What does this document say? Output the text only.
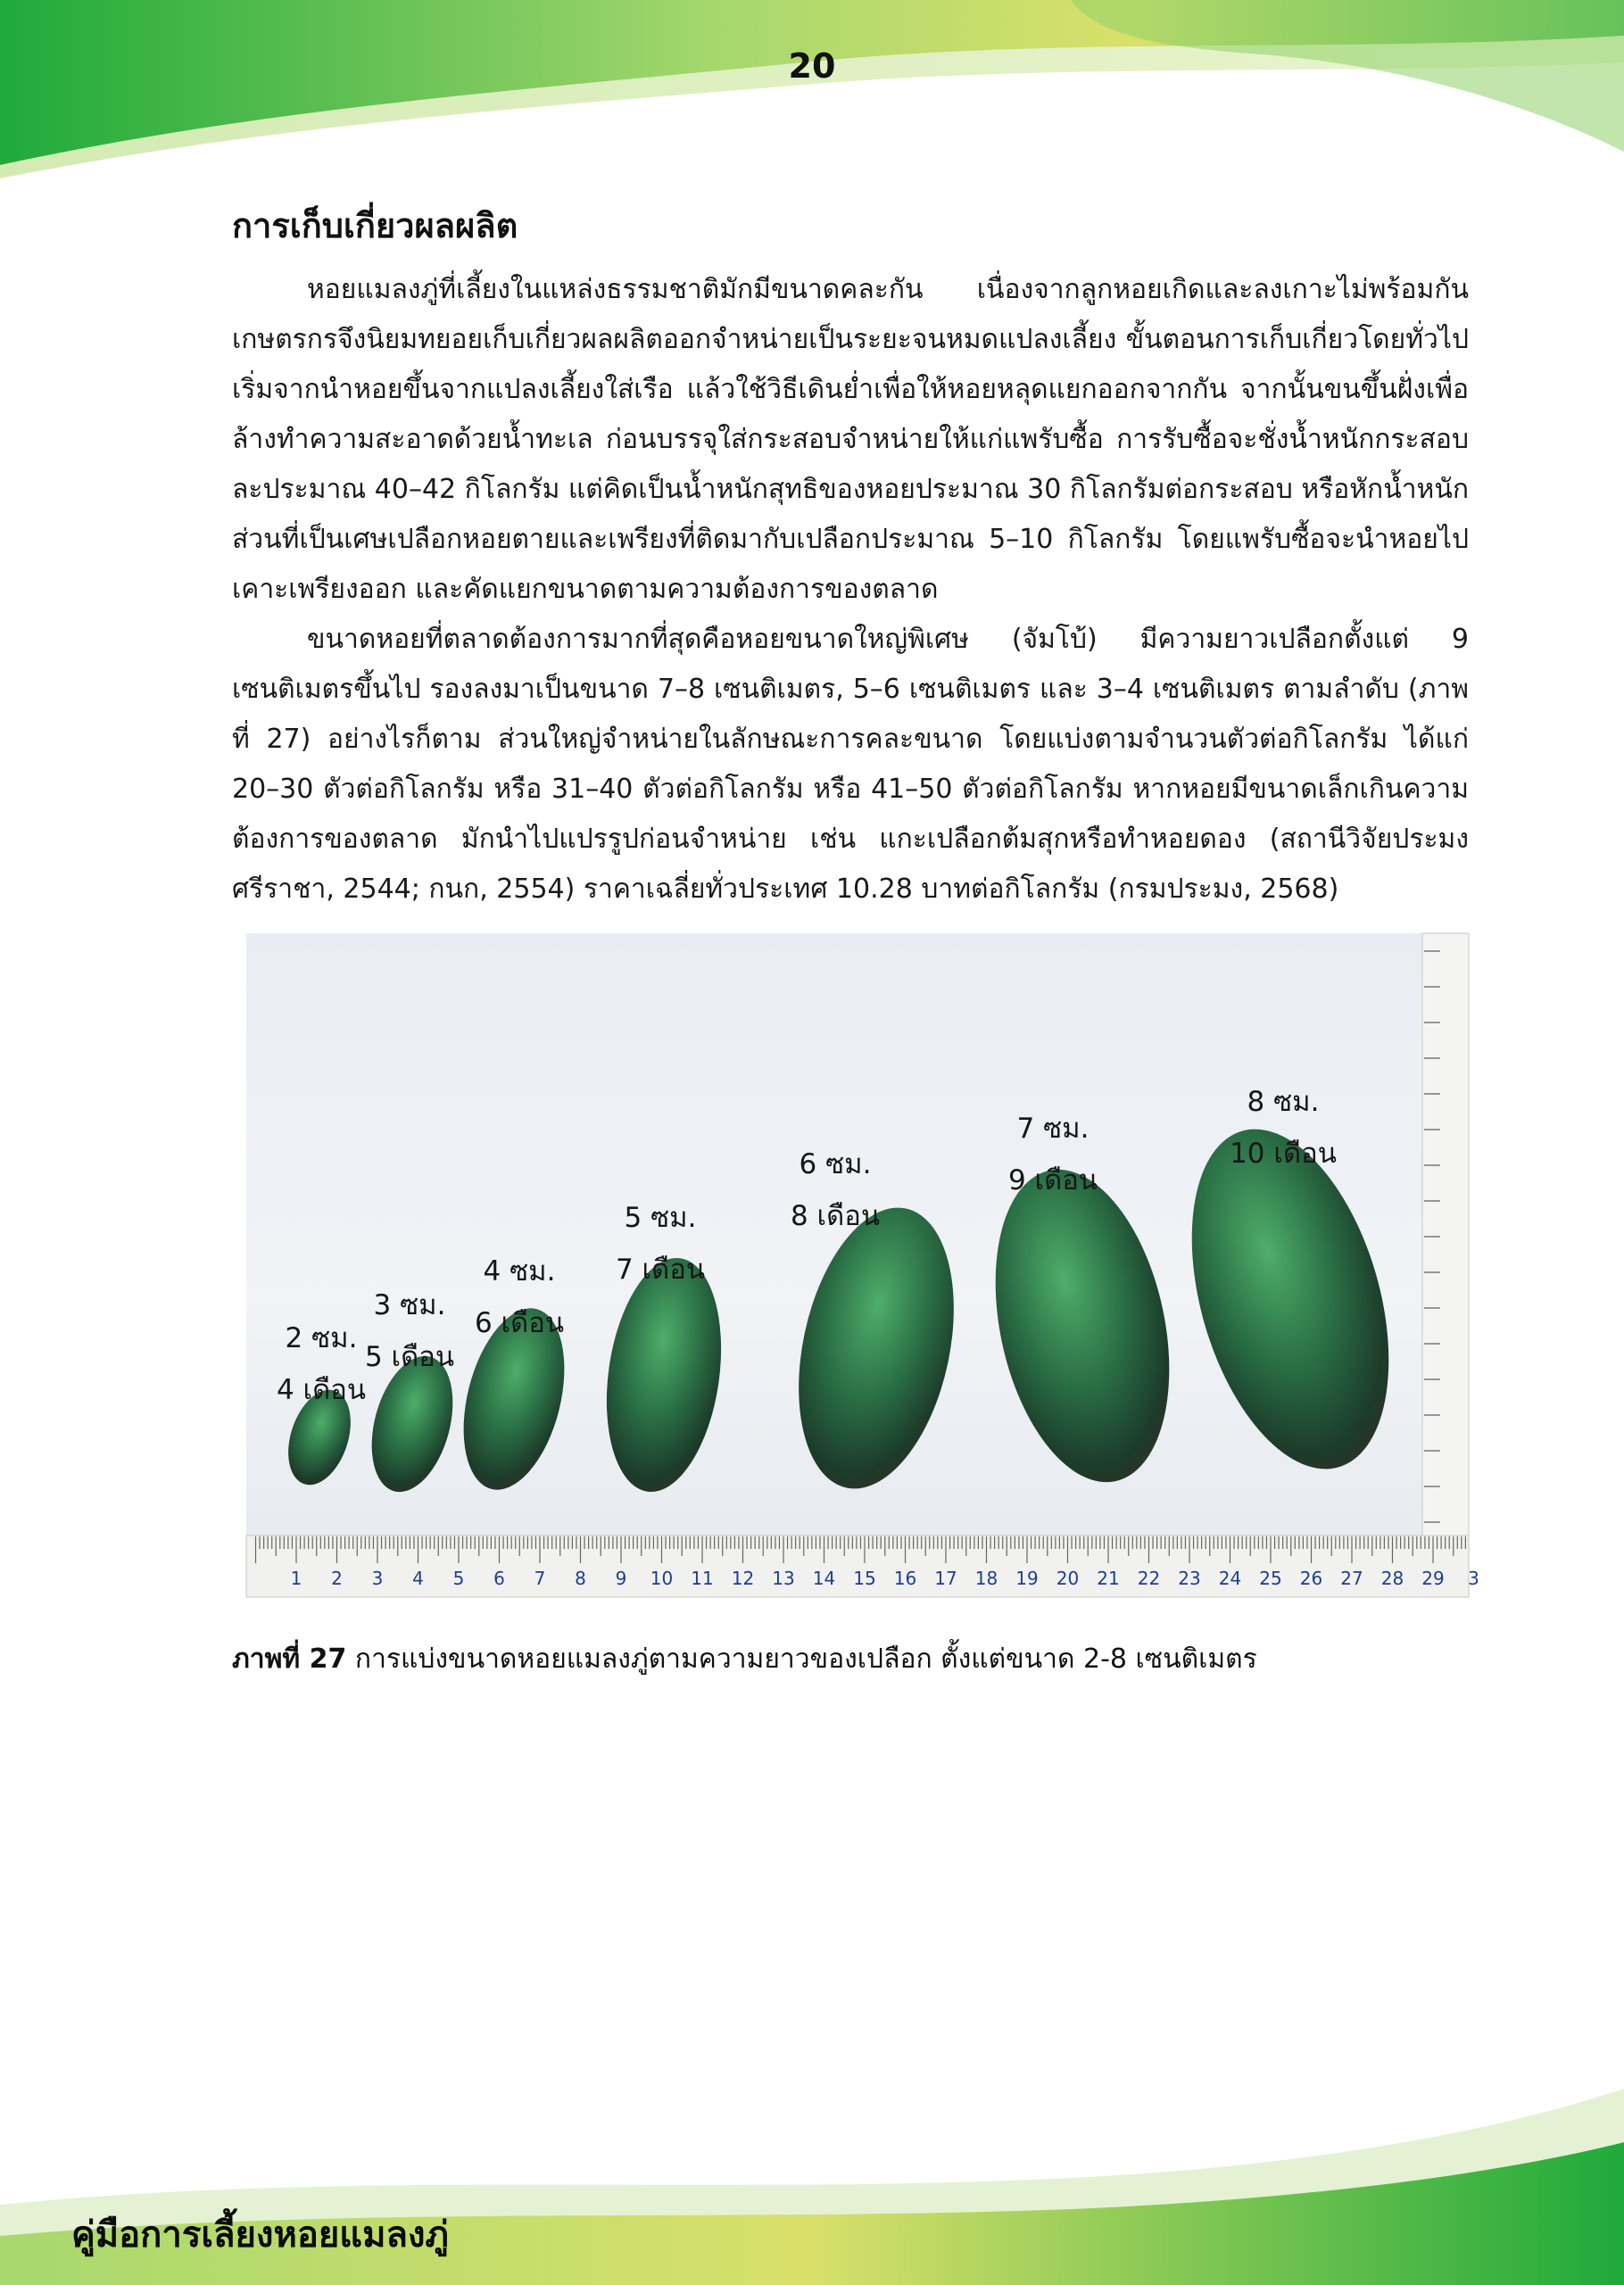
20
การเก็บเกี่ยวผลผลิต

หอยแมลงภู่ที่เลี้ยงในแหล่งธรรมชาติมักมีขนาดคละกัน เนื่องจากลูกหอยเกิดและลงเกาะไม่พร้อมกัน เกษตรกรจึงนิยมทยอยเก็บเกี่ยวผลผลิตออกจำหน่ายเป็นระยะจนหมดแปลงเลี้ยง ขั้นตอนการเก็บเกี่ยวโดยทั่วไป เริ่มจากนำหอยขึ้นจากแปลงเลี้ยงใส่เรือ แล้วใช้วิธีเดินย่ำเพื่อให้หอยหลุดแยกออกจากกัน จากนั้นขนขึ้นฝั่งเพื่อล้างทำความสะอาดด้วยน้ำทะเล ก่อนบรรจุใส่กระสอบจำหน่ายให้แก่แพรับซื้อ การรับซื้อจะชั่งน้ำหนักกระสอบละประมาณ 40–42 กิโลกรัม แต่คิดเป็นน้ำหนักสุทธิของหอยประมาณ 30 กิโลกรัมต่อกระสอบ หรือหักน้ำหนักส่วนที่เป็นเศษเปลือกหอยตายและเพรียงที่ติดมากับเปลือกประมาณ 5–10 กิโลกรัม โดยแพรับซื้อจะนำหอยไปเคาะเพรียงออก และคัดแยกขนาดตามความต้องการของตลาด

ขนาดหอยที่ตลาดต้องการมากที่สุดคือหอยขนาดใหญ่พิเศษ (จัมโบ้) มีความยาวเปลือกตั้งแต่ 9 เซนติเมตรขึ้นไป รองลงมาเป็นขนาด 7–8 เซนติเมตร, 5–6 เซนติเมตร และ 3–4 เซนติเมตร ตามลำดับ (ภาพที่ 27) อย่างไรก็ตาม ส่วนใหญ่จำหน่ายในลักษณะการคละขนาด โดยแบ่งตามจำนวนตัวต่อกิโลกรัม ได้แก่ 20–30 ตัวต่อกิโลกรัม หรือ 31–40 ตัวต่อกิโลกรัม หรือ 41–50 ตัวต่อกิโลกรัม หากหอยมีขนาดเล็กเกินความต้องการของตลาด มักนำไปแปรรูปก่อนจำหน่าย เช่น แกะเปลือกต้มสุกหรือทำหอยดอง (สถานีวิจัยประมงศรีราชา, 2544; กนก, 2554) ราคาเฉลี่ยทั่วประเทศ 10.28 บาทต่อกิโลกรัม (กรมประมง, 2568)

1 2 3 4 5 6 7 8 9 10 11 12 13 14 15 16 17 18 19 20 21 22 23 24 25 26 27 28 29 3
2 ซม.
4 เดือน
3 ซม.
5 เดือน
4 ซม.
6 เดือน
5 ซม.
7 เดือน
6 ซม.
8 เดือน
7 ซม.
9 เดือน
8 ซม.
10 เดือน
ภาพที่ 27 การแบ่งขนาดหอยแมลงภู่ตามความยาวของเปลือก ตั้งแต่ขนาด 2-8 เซนติเมตร
คู่มือการเลี้ยงหอยแมลงภู่
